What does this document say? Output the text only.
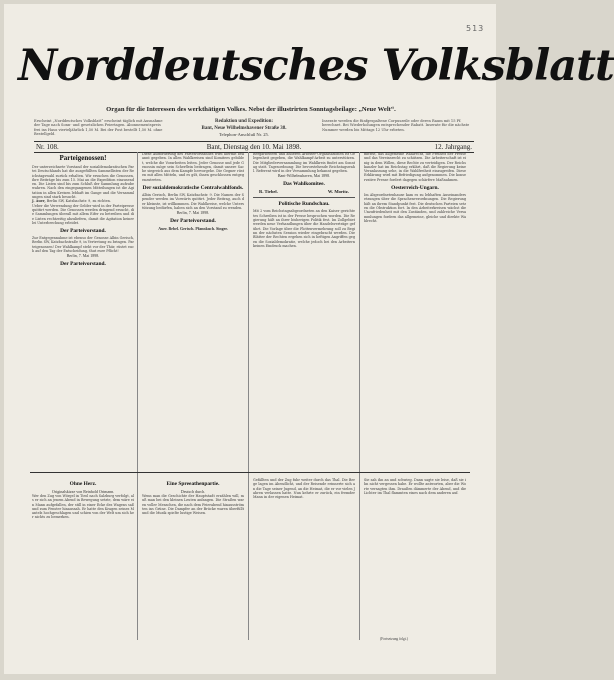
513
Norddeutsches Volksblatt
Organ für die Interessen des werkthätigen Volkes. Nebst der illustrirten Sonntagsbeilage: „Neue Welt“.
Erscheint „Norddeutsches Volksblatt“ erscheint täglich mit Ausnahme der Tage nach Sonn- und gesetzlichen Feiertagen. Abonnementspreis frei ins Haus vierteljährlich 1,50 M. Bei der Post bestellt 1,50 M. ohne Bestellgeld.
Redaktion und Expedition:
Bant, Neue Wilhelmshavener Straße 38.
Telephon-Anschluß Nr. 25.
Inserate werden die fünfgespaltene Corpuszeile oder deren Raum mit 15 Pf. berechnet. Bei Wiederholungen entsprechender Rabatt. Inserate für die nächste Nummer werden bis Mittags 12 Uhr erbeten.
Bant, Dienstag den 10. Mai 1898.
Nr. 108.	12. Jahrgang.
Parteigenossen!
Der unterzeichnete Vorstand der sozialdemokratischen Partei Deutschlands hat die ausgefüllten Sammellisten der Reichstagswahl zurück erhalten. Wir ersuchen die Genossen, ihre Beiträge bis zum 15. Mai an die Expedition einzusenden. Die Listen sind bis zum Schluß der Sammlung aufzubewahren. Nach den eingegangenen Mitteilungen ist die Agitation in allen Kreisen lebhaft im Gange und die Versammlungen sind stark besucht.
J. Auer, Berlin SW, Katzbachstr. 9, zu richten.
Ueber die Verwendung der Gelder wird in der Parteipresse quittirt werden. Die Genossen werden dringend ersucht, die Sammlungen überall mit allem Eifer zu betreiben und die Listen rechtzeitig abzuliefern, damit die Agitation keinerlei Unterbrechung erleidet.
Der Parteivorstand.
Zur Entgegennahme ist ebenso der Genosse Albin Gerisch, Berlin SW, Katzbachstraße 9, in Vertretung zu bringen. Parteigenossen! Der Wahlkampf steht vor der Thür, rüstet euch auf den Tag der Entscheidung, thut eure Pflicht!
Berlin, 7. Mai 1898.
Der Parteivorstand.
Diese Aufforderung des Parteivorstandes wird hiermit bekannt gegeben. In allen Wahlkreisen sind Komitees gebildet, welche die Vorarbeiten leiten. Jeder Genosse und jede Genossin möge sein Scherflein beitragen, damit unsere Sache siegreich aus dem Kampfe hervorgehe. Die Gegner rüsten mit allen Mitteln, und es gilt, ihnen geschlossen entgegenzutreten.
Der sozialdemokratische Centralwahlfonds.
Albin Gerisch, Berlin SW, Katzbachstr. 9. Die Namen der Spender werden im Vorwärts quittirt. Jeder Beitrag, auch der kleinste, ist willkommen. Die Wahlkreise, welche Unterstützung bedürfen, haben sich an den Vorstand zu wenden.
Berlin, 7. Mai 1898.
Der Parteivorstand.
Auer. Bebel. Gerisch. Pfannkuch. Singer.
Bergarbeitern und anderen Arbeiter-Organisationen ist Gelegenheit gegeben, die Wahlkampf-Arbeit zu unterstützen. Die Mitgliederversammlung im Wahlkreis findet am Sonntag statt. Tagesordnung: Die bevorstehende Reichstagswahl. Referent wird in der Versammlung bekannt gegeben.
Bant-Wilhelmshaven, Mai 1898.
Das Wahlkomitee.
R. Tiebel.	W. Moritz.
Politische Rundschau.
Mit 2 vom Reichstagsabgeordneten an den Kaiser gerichtetes Schreiben ist in der Presse besprochen worden. Die Regierung hält an ihrer bisherigen Politik fest. Im Zollgebiet werden neue Verhandlungen über die Handelsverträge geführt. Die Vorlage über die Flottenvermehrung soll zu Beginn der nächsten Session wieder eingebracht werden. Die Blätter der Rechten ergehen sich in heftigen Angriffen gegen die Sozialdemokratie, welche jedoch bei den Arbeitern keinen Eindruck machen.
mittelt, das allgemeine Wahlrecht, die Freiheit der Presse und das Vereinsrecht zu schützen. Die Arbeiterschaft ist einig in dem Willen, diese Rechte zu verteidigen. Der Reichskanzler hat im Reichstag erklärt, daß die Regierung keine Veranlassung sehe, in die Wahlfreiheit einzugreifen. Diese Erklärung wird mit Befriedigung aufgenommen. Die konservative Presse fordert dagegen schärfere Maßnahmen.
Oesterreich-Ungarn.
Im Abgeordnetenhause kam es zu lebhaften Auseinandersetzungen über die Sprachenverordnungen. Die Regierung hält an ihrem Standpunkt fest. Die deutschen Parteien setzen die Obstruktion fort. In den Arbeiterkreisen wächst die Unzufriedenheit mit den Zuständen, und zahlreiche Versammlungen fordern das allgemeine, gleiche und direkte Wahlrecht.
Ohne Herz.
Originalskizze von Reinhold Ortmann.
Wer den Zug von Wörgel in Tirol nach Salzburg verfolgt, als er sich an jenem Abend in Bewegung setzte, dem wäre ein Mann aufgefallen, der still in einer Ecke des Wagens saß und zum Fenster hinaussah. Er hatte den Kragen seines Mantels hochgeschlagen und schien von der Welt um sich her nichts zu bemerken.
Eine Spreeathenpartie.
Deutsch durch.
Wenn man die Geschichte der Hauptstadt erzählen will, muß man bei den kleinen Leuten anfangen. Die Straßen waren voller Menschen, die nach dem Feierabend hinausströmten ins Grüne. Die Dampfer an der Brücke waren überfüllt und die Musik spielte lustige Weisen.
Gefällten und der Zug fuhr weiter durch das Thal. Die Berge lagen im Abendlicht, und der Reisende erinnerte sich an die Tage seiner Jugend, an die Heimat, die er vor vielen Jahren verlassen hatte. Nun kehrte er zurück, ein fremder Mann in der eigenen Heimat.
Sie sah ihn an und schwieg. Dann sagte sie leise, daß sie ihn nicht vergessen habe. Er wollte antworten, aber die Worte versagten ihm. Draußen dämmerte der Abend, und die Lichter im Thal flammten eines nach dem anderen auf.
(Fortsetzung folgt.)
